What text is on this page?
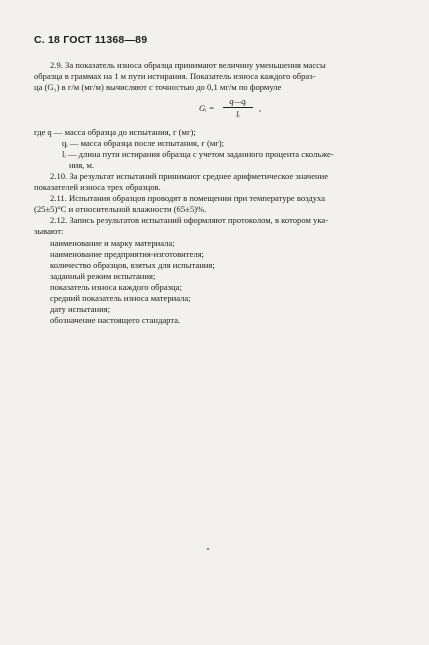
С. 18 ГОСТ 11368—89
2.9. За показатель износа образца принимают величину уменьшения массы
образца в граммах на 1 м пути истирания. Показатель износа каждого образ-
ца (G₁) в г/м (мг/м) вычисляют с точностью до 0,1 мг/м по формуле
Gᵢ = $\frac{\text{q—qᵢ}}{\text{lᵢ}}$ ,
где q — масса образца до испытания, г (мг);
qᵢ — масса образца после испытания, г (мг);
lᵢ — длина пути истирания образца с учетом заданного процента скольже-
ния, м.
2.10. За результат испытаний принимают среднее арифметическое значение
показателей износа трех образцов.
2.11. Испытания образцов проводят в помещении при температуре воздуха
(25±5)°С и относительной влажности (65±5)%.
2.12. Запись результатов испытаний оформляют протоколом, в котором ука-
зывают:
наименование и марку материала;
наименование предприятия-изготовителя;
количество образцов, взятых для испытания;
заданный режим испытания;
показатель износа каждого образца;
средний показатель износа материала;
дату испытания;
обозначение настоящего стандарта.
